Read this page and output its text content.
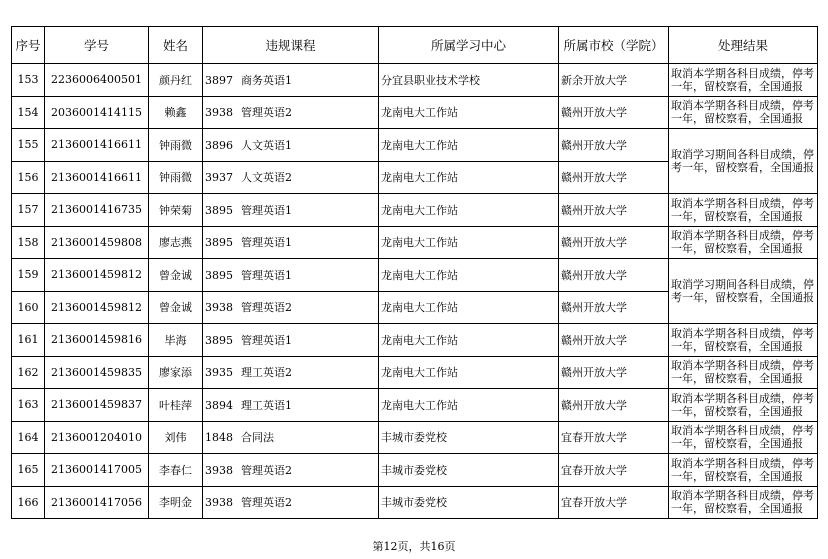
序号	学号	姓名	违规课程	所属学习中心	所属市校（学院）	处理结果
153	2236006400501	颜丹红	3897 商务英语1	分宜县职业技术学校	新余开放大学	取消本学期各科目成绩，停考一年，留校察看，全国通报
154	2036001414115	赖鑫	3938 管理英语2	龙南电大工作站	赣州开放大学	取消本学期各科目成绩，停考一年，留校察看，全国通报
155	2136001416611	钟雨微	3896 人文英语1	龙南电大工作站	赣州开放大学	取消学习期间各科目成绩，停考一年，留校察看，全国通报
156	2136001416611	钟雨微	3937 人文英语2	龙南电大工作站	赣州开放大学	
157	2136001416735	钟荣菊	3895 管理英语1	龙南电大工作站	赣州开放大学	取消本学期各科目成绩，停考一年，留校察看，全国通报
158	2136001459808	廖志燕	3895 管理英语1	龙南电大工作站	赣州开放大学	取消本学期各科目成绩，停考一年，留校察看，全国通报
159	2136001459812	曾金诚	3895 管理英语1	龙南电大工作站	赣州开放大学	取消学习期间各科目成绩，停考一年，留校察看，全国通报
160	2136001459812	曾金诚	3938 管理英语2	龙南电大工作站	赣州开放大学	
161	2136001459816	毕海	3895 管理英语1	龙南电大工作站	赣州开放大学	取消本学期各科目成绩，停考一年，留校察看，全国通报
162	2136001459835	廖家添	3935 理工英语2	龙南电大工作站	赣州开放大学	取消本学期各科目成绩，停考一年，留校察看，全国通报
163	2136001459837	叶桂萍	3894 理工英语1	龙南电大工作站	赣州开放大学	取消本学期各科目成绩，停考一年，留校察看，全国通报
164	2136001204010	刘伟	1848 合同法	丰城市委党校	宜春开放大学	取消本学期各科目成绩，停考一年，留校察看，全国通报
165	2136001417005	李春仁	3938 管理英语2	丰城市委党校	宜春开放大学	取消本学期各科目成绩，停考一年，留校察看，全国通报
166	2136001417056	李明金	3938 管理英语2	丰城市委党校	宜春开放大学	取消本学期各科目成绩，停考一年，留校察看，全国通报
第12页，共16页
